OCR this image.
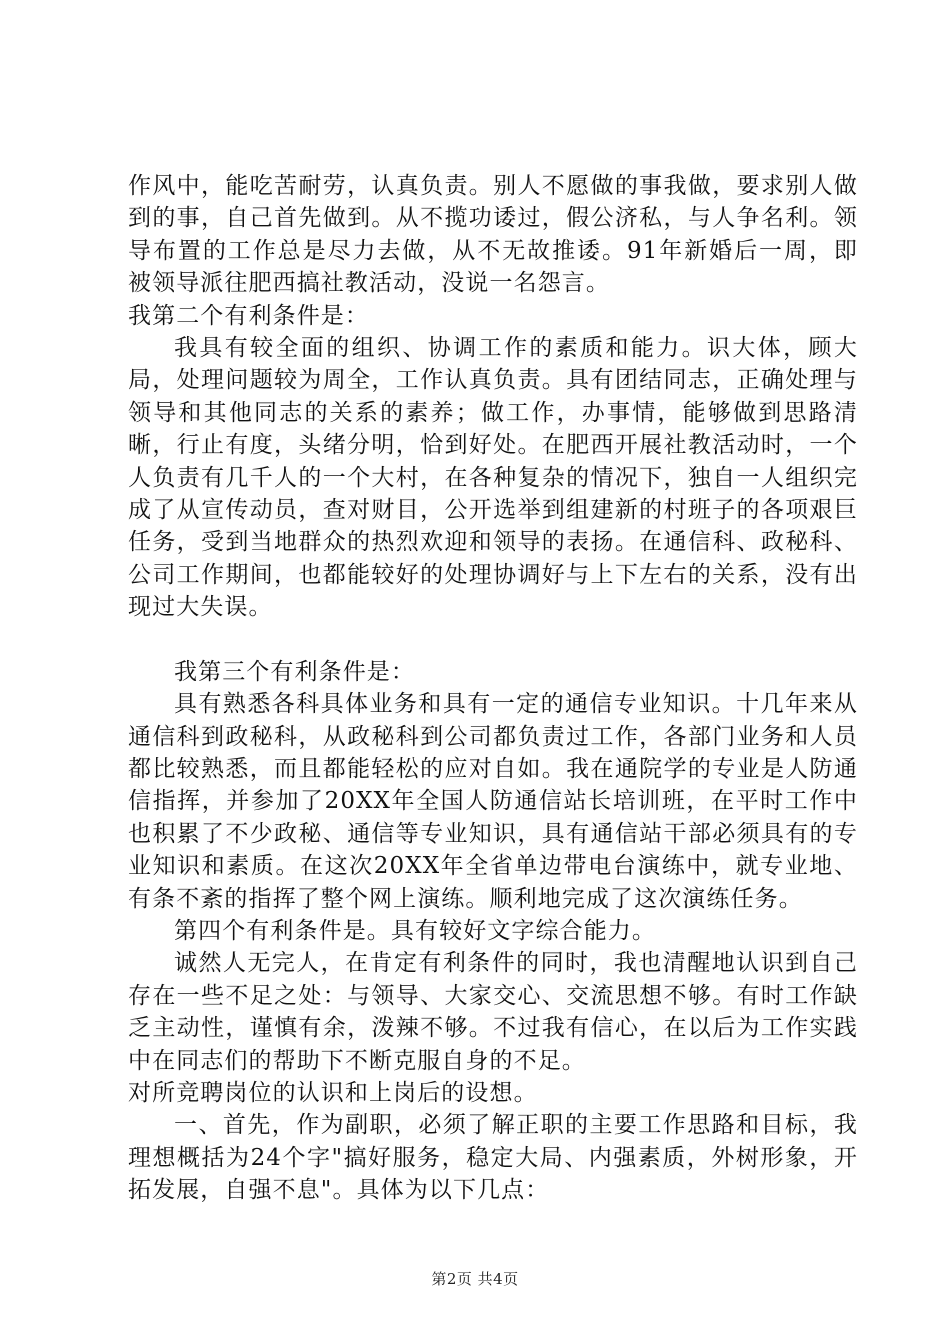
作风中，能吃苦耐劳，认真负责。别人不愿做的事我做，要求别人做到的事，自己首先做到。从不揽功诿过，假公济私，与人争名利。领导布置的工作总是尽力去做，从不无故推诿。91年新婚后一周，即被领导派往肥西搞社教活动，没说一名怨言。

我第二个有利条件是：

我具有较全面的组织、协调工作的素质和能力。识大体，顾大局，处理问题较为周全，工作认真负责。具有团结同志，正确处理与领导和其他同志的关系的素养；做工作，办事情，能够做到思路清晰，行止有度，头绪分明，恰到好处。在肥西开展社教活动时，一个人负责有几千人的一个大村，在各种复杂的情况下，独自一人组织完成了从宣传动员，查对财目，公开选举到组建新的村班子的各项艰巨任务，受到当地群众的热烈欢迎和领导的表扬。在通信科、政秘科、公司工作期间，也都能较好的处理协调好与上下左右的关系，没有出现过大失误。

我第三个有利条件是：

具有熟悉各科具体业务和具有一定的通信专业知识。十几年来从通信科到政秘科，从政秘科到公司都负责过工作，各部门业务和人员都比较熟悉，而且都能轻松的应对自如。我在通院学的专业是人防通信指挥，并参加了20XX年全国人防通信站长培训班，在平时工作中也积累了不少政秘、通信等专业知识，具有通信站干部必须具有的专业知识和素质。在这次20XX年全省单边带电台演练中，就专业地、有条不紊的指挥了整个网上演练。顺利地完成了这次演练任务。

第四个有利条件是。具有较好文字综合能力。

诚然人无完人，在肯定有利条件的同时，我也清醒地认识到自己存在一些不足之处：与领导、大家交心、交流思想不够。有时工作缺乏主动性，谨慎有余，泼辣不够。不过我有信心，在以后为工作实践中在同志们的帮助下不断克服自身的不足。

对所竞聘岗位的认识和上岗后的设想。

一、首先，作为副职，必须了解正职的主要工作思路和目标，我理想概括为24个字"搞好服务，稳定大局、内强素质，外树形象，开拓发展，自强不息"。具体为以下几点：

第2页 共4页
